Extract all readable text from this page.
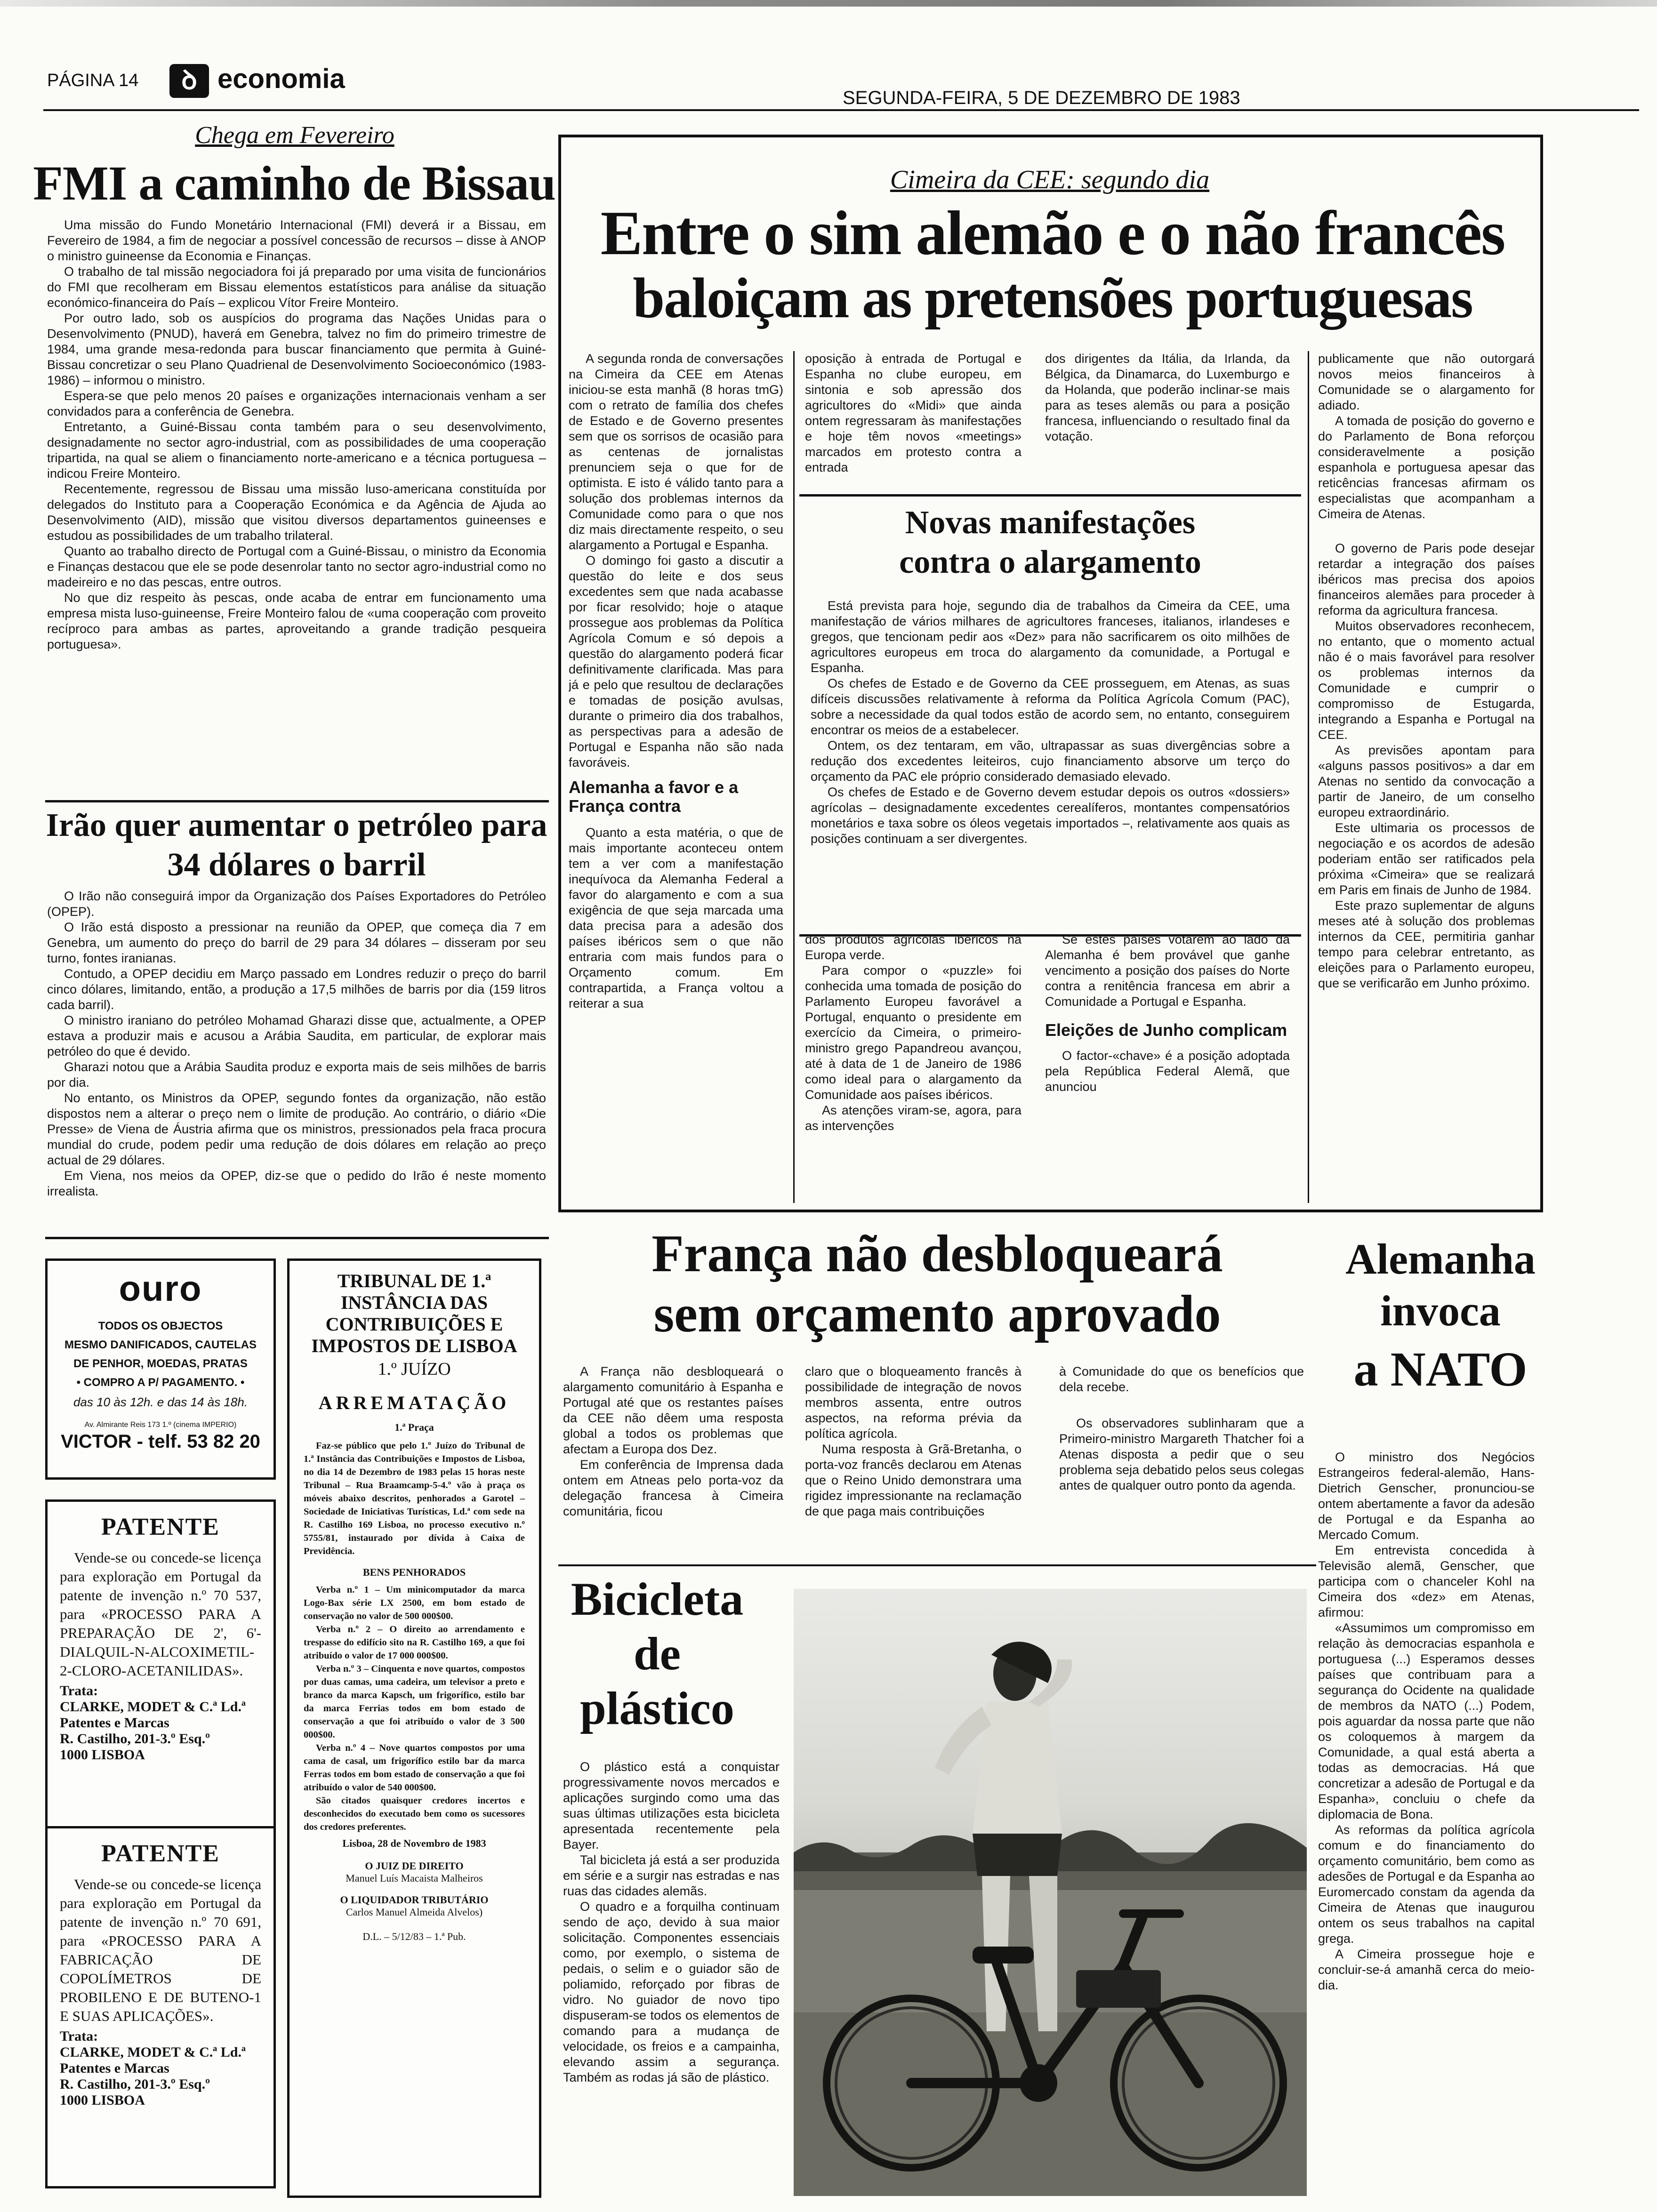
PÁGINA 14	ꝺ economia
SEGUNDA-FEIRA, 5 DE DEZEMBRO DE 1983
Chega em Fevereiro
FMI a caminho de Bissau

Uma missão do Fundo Monetário Internacional (FMI) deverá ir a Bissau, em Fevereiro de 1984, a fim de negociar a possível concessão de recursos – disse à ANOP o ministro guineense da Economia e Finanças.

O trabalho de tal missão negociadora foi já preparado por uma visita de funcionários do FMI que recolheram em Bissau elementos estatísticos para análise da situação económico-financeira do País – explicou Vítor Freire Monteiro.

Por outro lado, sob os auspícios do programa das Nações Unidas para o Desenvolvimento (PNUD), haverá em Genebra, talvez no fim do primeiro trimestre de 1984, uma grande mesa-redonda para buscar financiamento que permita à Guiné-Bissau concretizar o seu Plano Quadrienal de Desenvolvimento Socioeconómico (1983-1986) – informou o ministro.

Espera-se que pelo menos 20 países e organizações internacionais venham a ser convidados para a conferência de Genebra.

Entretanto, a Guiné-Bissau conta também para o seu desenvolvimento, designadamente no sector agro-industrial, com as possibilidades de uma cooperação tripartida, na qual se aliem o financiamento norte-americano e a técnica portuguesa – indicou Freire Monteiro.

Recentemente, regressou de Bissau uma missão luso-americana constituída por delegados do Instituto para a Cooperação Económica e da Agência de Ajuda ao Desenvolvimento (AID), missão que visitou diversos departamentos guineenses e estudou as possibilidades de um trabalho trilateral.

Quanto ao trabalho directo de Portugal com a Guiné-Bissau, o ministro da Economia e Finanças destacou que ele se pode desenrolar tanto no sector agro-industrial como no madeireiro e no das pescas, entre outros.

No que diz respeito às pescas, onde acaba de entrar em funcionamento uma empresa mista luso-guineense, Freire Monteiro falou de «uma cooperação com proveito recíproco para ambas as partes, aproveitando a grande tradição pesqueira portuguesa».

Irão quer aumentar o petróleo para 34 dólares o barril

O Irão não conseguirá impor da Organização dos Países Exportadores do Petróleo (OPEP).

O Irão está disposto a pressionar na reunião da OPEP, que começa dia 7 em Genebra, um aumento do preço do barril de 29 para 34 dólares – disseram por seu turno, fontes iranianas.

Contudo, a OPEP decidiu em Março passado em Londres reduzir o preço do barril cinco dólares, limitando, então, a produção a 17,5 milhões de barris por dia (159 litros cada barril).

O ministro iraniano do petróleo Mohamad Gharazi disse que, actualmente, a OPEP estava a produzir mais e acusou a Arábia Saudita, em particular, de explorar mais petróleo do que é devido.

Gharazi notou que a Arábia Saudita produz e exporta mais de seis milhões de barris por dia.

No entanto, os Ministros da OPEP, segundo fontes da organização, não estão dispostos nem a alterar o preço nem o limite de produção. Ao contrário, o diário «Die Presse» de Viena de Áustria afirma que os ministros, pressionados pela fraca procura mundial do crude, podem pedir uma redução de dois dólares em relação ao preço actual de 29 dólares.

Em Viena, nos meios da OPEP, diz-se que o pedido do Irão é neste momento irrealista.

ouro
TODOS OS OBJECTOS
MESMO DANIFICADOS, CAUTELAS
DE PENHOR, MOEDAS, PRATAS
• COMPRO A P/ PAGAMENTO. •
das 10 às 12h. e das 14 às 18h.
Av. Almirante Reis 173 1.º (cinema IMPERIO)
VICTOR - telf. 53 82 20
PATENTE
Vende-se ou concede-se licença para exploração em Portugal da patente de invenção n.º 70 537, para «PROCESSO PARA A PREPARAÇÃO DE 2', 6'-DIALQUIL-N-ALCOXIMETIL-2-CLORO-ACETANILIDAS».
Trata:
CLARKE, MODET & C.ª Ld.ª
Patentes e Marcas
R. Castilho, 201-3.º Esq.º
1000 LISBOA
PATENTE
Vende-se ou concede-se licença para exploração em Portugal da patente de invenção n.º 70 691, para «PROCESSO PARA A FABRICAÇÃO DE COPOLÍMETROS DE PROBILENO E DE BUTENO-1 E SUAS APLICAÇÕES».
Trata:
CLARKE, MODET & C.ª Ld.ª
Patentes e Marcas
R. Castilho, 201-3.º Esq.º
1000 LISBOA
TRIBUNAL DE 1.ª INSTÂNCIA DAS CONTRIBUIÇÕES E IMPOSTOS DE LISBOA
1.º JUÍZO
ARREMATAÇÃO
1.ª Praça
Faz-se público que pelo 1.º Juízo do Tribunal de 1.ª Instância das Contribuições e Impostos de Lisboa, no dia 14 de Dezembro de 1983 pelas 15 horas neste Tribunal – Rua Braamcamp-5-4.º vão à praça os móveis abaixo descritos, penhorados a Garotel – Sociedade de Iniciativas Turísticas, Ld.ª com sede na R. Castilho 169 Lisboa, no processo executivo n.º 5755/81, instaurado por dívida à Caixa de Previdência.
BENS PENHORADOS
Verba n.º 1 – Um minicomputador da marca Logo-Bax série LX 2500, em bom estado de conservação no valor de 500 000$00.
Verba n.º 2 – O direito ao arrendamento e trespasse do edifício sito na R. Castilho 169, a que foi atribuído o valor de 17 000 000$00.
Verba n.º 3 – Cinquenta e nove quartos, compostos por duas camas, uma cadeira, um televisor a preto e branco da marca Kapsch, um frigorífico, estilo bar da marca Ferrias todos em bom estado de conservação a que foi atribuído o valor de 3 500 000$00.
Verba n.º 4 – Nove quartos compostos por uma cama de casal, um frigorífico estilo bar da marca Ferras todos em bom estado de conservação a que foi atribuído o valor de 540 000$00.
São citados quaisquer credores incertos e desconhecidos do executado bem como os sucessores dos credores preferentes.
Lisboa, 28 de Novembro de 1983
O JUIZ DE DIREITO
Manuel Luís Macaista Malheiros
O LIQUIDADOR TRIBUTÁRIO
Carlos Manuel Almeida Alvelos)
D.L. – 5/12/83 – 1.ª Pub.
Cimeira da CEE: segundo dia
Entre o sim alemão e o não francês
baloiçam as pretensões portuguesas

A segunda ronda de conversações na Cimeira da CEE em Atenas iniciou-se esta manhã (8 horas tmG) com o retrato de família dos chefes de Estado e de Governo presentes sem que os sorrisos de ocasião para as centenas de jornalistas prenunciem seja o que for de optimista. E isto é válido tanto para a solução dos problemas internos da Comunidade como para o que nos diz mais directamente respeito, o seu alargamento a Portugal e Espanha.

O domingo foi gasto a discutir a questão do leite e dos seus excedentes sem que nada acabasse por ficar resolvido; hoje o ataque prossegue aos problemas da Política Agrícola Comum e só depois a questão do alargamento poderá ficar definitivamente clarificada. Mas para já e pelo que resultou de declarações e tomadas de posição avulsas, durante o primeiro dia dos trabalhos, as perspectivas para a adesão de Portugal e Espanha não são nada favoráveis.

Alemanha a favor e a França contra

Quanto a esta matéria, o que de mais importante aconteceu ontem tem a ver com a manifestação inequívoca da Alemanha Federal a favor do alargamento e com a sua exigência de que seja marcada uma data precisa para a adesão dos países ibéricos sem o que não entraria com mais fundos para o Orçamento comum. Em contrapartida, a França voltou a reiterar a sua

oposição à entrada de Portugal e Espanha no clube europeu, em sintonia e sob apressão dos agricultores do «Midi» que ainda ontem regressaram às manifestações e hoje têm novos «meetings» marcados em protesto contra a entrada

dos dirigentes da Itália, da Irlanda, da Bélgica, da Dinamarca, do Luxemburgo e da Holanda, que poderão inclinar-se mais para as teses alemãs ou para a posição francesa, influenciando o resultado final da votação.

Novas manifestações
contra o alargamento

Está prevista para hoje, segundo dia de trabalhos da Cimeira da CEE, uma manifestação de vários milhares de agricultores franceses, italianos, irlandeses e gregos, que tencionam pedir aos «Dez» para não sacrificarem os oito milhões de agricultores europeus em troca do alargamento da comunidade, a Portugal e Espanha.

Os chefes de Estado e de Governo da CEE prosseguem, em Atenas, as suas difíceis discussões relativamente à reforma da Política Agrícola Comum (PAC), sobre a necessidade da qual todos estão de acordo sem, no entanto, conseguirem encontrar os meios de a estabelecer.

Ontem, os dez tentaram, em vão, ultrapassar as suas divergências sobre a redução dos excedentes leiteiros, cujo financiamento absorve um terço do orçamento da PAC ele próprio considerado demasiado elevado.

Os chefes de Estado e de Governo devem estudar depois os outros «dossiers» agrícolas – designadamente excedentes cerealíferos, montantes compensatórios monetários e taxa sobre os óleos vegetais importados –, relativamente aos quais as posições continuam a ser divergentes.

dos produtos agrícolas ibéricos na Europa verde.

Para compor o «puzzle» foi conhecida uma tomada de posição do Parlamento Europeu favorável a Portugal, enquanto o presidente em exercício da Cimeira, o primeiro-ministro grego Papandreou avançou, até à data de 1 de Janeiro de 1986 como ideal para o alargamento da Comunidade aos países ibéricos.

As atenções viram-se, agora, para as intervenções

Se estes países votarem ao lado da Alemanha é bem provável que ganhe vencimento a posição dos países do Norte contra a renitência francesa em abrir a Comunidade a Portugal e Espanha.

Eleições de Junho complicam

O factor-«chave» é a posição adoptada pela República Federal Alemã, que anunciou

publicamente que não outorgará novos meios financeiros à Comunidade se o alargamento for adiado.

A tomada de posição do governo e do Parlamento de Bona reforçou consideravelmente a posição espanhola e portuguesa apesar das reticências francesas afirmam os especialistas que acompanham a Cimeira de Atenas.

O governo de Paris pode desejar retardar a integração dos países ibéricos mas precisa dos apoios financeiros alemães para proceder à reforma da agricultura francesa.

Muitos observadores reconhecem, no entanto, que o momento actual não é o mais favorável para resolver os problemas internos da Comunidade e cumprir o compromisso de Estugarda, integrando a Espanha e Portugal na CEE.

As previsões apontam para «alguns passos positivos» a dar em Atenas no sentido da convocação a partir de Janeiro, de um conselho europeu extraordinário.

Este ultimaria os processos de negociação e os acordos de adesão poderiam então ser ratificados pela próxima «Cimeira» que se realizará em Paris em finais de Junho de 1984.

Este prazo suplementar de alguns meses até à solução dos problemas internos da CEE, permitiria ganhar tempo para celebrar entretanto, as eleições para o Parlamento europeu, que se verificarão em Junho próximo.

França não desbloqueará
sem orçamento aprovado

A França não desbloqueará o alargamento comunitário à Espanha e Portugal até que os restantes países da CEE não dêem uma resposta global a todos os problemas que afectam a Europa dos Dez.

Em conferência de Imprensa dada ontem em Atneas pelo porta-voz da delegação francesa à Cimeira comunitária, ficou

claro que o bloqueamento francês à possibilidade de integração de novos membros assenta, entre outros aspectos, na reforma prévia da política agrícola.

Numa resposta à Grã-Bretanha, o porta-voz francês declarou em Atenas que o Reino Unido demonstrara uma rigidez impressionante na reclamação de que paga mais contribuições

à Comunidade do que os benefícios que dela recebe.

Os observadores sublinharam que a Primeiro-ministro Margareth Thatcher foi a Atenas disposta a pedir que o seu problema seja debatido pelos seus colegas antes de qualquer outro ponto da agenda.

Bicicleta
de
plástico

O plástico está a conquistar progressivamente novos mercados e aplicações surgindo como uma das suas últimas utilizações esta bicicleta apresentada recentemente pela Bayer.

Tal bicicleta já está a ser produzida em série e a surgir nas estradas e nas ruas das cidades alemãs.

O quadro e a forquilha continuam sendo de aço, devido à sua maior solicitação. Componentes essenciais como, por exemplo, o sistema de pedais, o selim e o guiador são de poliamido, reforçado por fibras de vidro. No guiador de novo tipo dispuseram-se todos os elementos de comando para a mudança de velocidade, os freios e a campainha, elevando assim a segurança. Também as rodas já são de plástico.

Alemanha
invoca
a NATO

O ministro dos Negócios Estrangeiros federal-alemão, Hans-Dietrich Genscher, pronunciou-se ontem abertamente a favor da adesão de Portugal e da Espanha ao Mercado Comum.

Em entrevista concedida à Televisão alemã, Genscher, que participa com o chanceler Kohl na Cimeira dos «dez» em Atenas, afirmou:

«Assumimos um compromisso em relação às democracias espanhola e portuguesa (...) Esperamos desses países que contribuam para a segurança do Ocidente na qualidade de membros da NATO (...) Podem, pois aguardar da nossa parte que não os coloquemos à margem da Comunidade, a qual está aberta a todas as democracias. Há que concretizar a adesão de Portugal e da Espanha», concluiu o chefe da diplomacia de Bona.

As reformas da política agrícola comum e do financiamento do orçamento comunitário, bem como as adesões de Portugal e da Espanha ao Euromercado constam da agenda da Cimeira de Atenas que inaugurou ontem os seus trabalhos na capital grega.

A Cimeira prossegue hoje e concluir-se-á amanhã cerca do meio-dia.
